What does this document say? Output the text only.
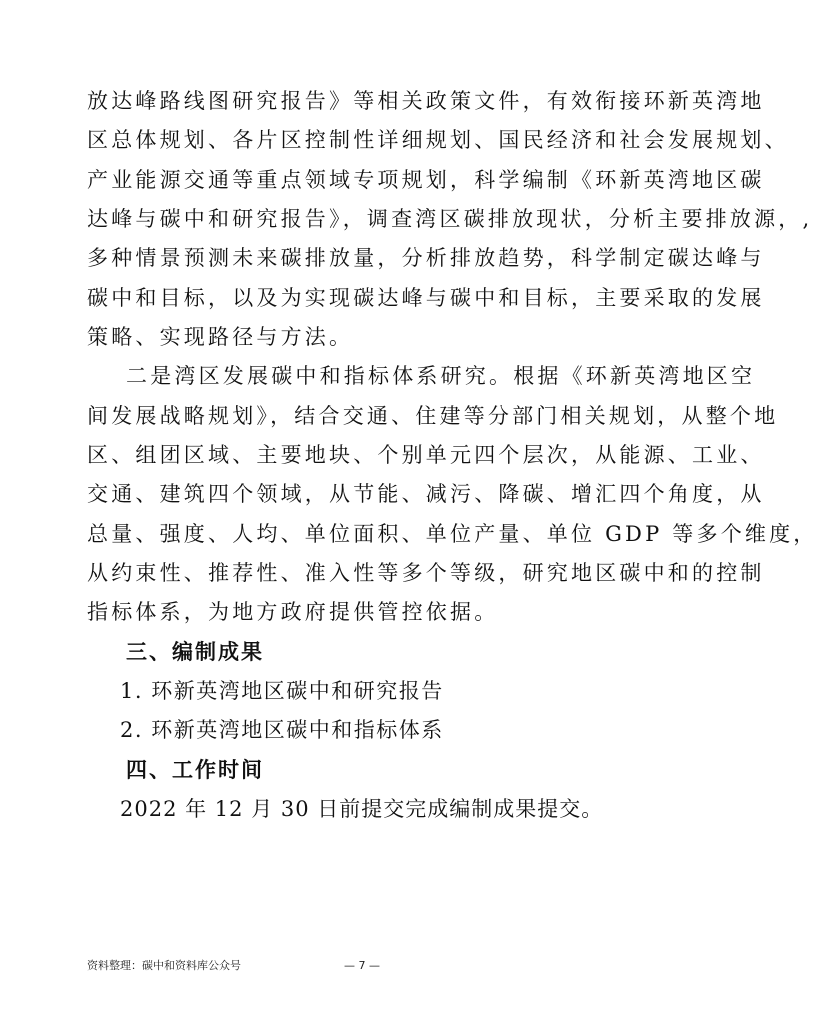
放达峰路线图研究报告》等相关政策文件，有效衔接环新英湾地
区总体规划、各片区控制性详细规划、国民经济和社会发展规划、
产业能源交通等重点领域专项规划，科学编制《环新英湾地区碳
达峰与碳中和研究报告》，调查湾区碳排放现状，分析主要排放源，,
多种情景预测未来碳排放量，分析排放趋势，科学制定碳达峰与
碳中和目标，以及为实现碳达峰与碳中和目标，主要采取的发展
策略、实现路径与方法。
二是湾区发展碳中和指标体系研究。根据《环新英湾地区空
间发展战略规划》，结合交通、住建等分部门相关规划，从整个地
区、组团区域、主要地块、个别单元四个层次，从能源、工业、
交通、建筑四个领域，从节能、减污、降碳、增汇四个角度，从
总量、强度、人均、单位面积、单位产量、单位 GDP 等多个维度，
从约束性、推荐性、准入性等多个等级，研究地区碳中和的控制
指标体系，为地方政府提供管控依据。
三、编制成果
1. 环新英湾地区碳中和研究报告
2. 环新英湾地区碳中和指标体系
四、工作时间
2022 年 12 月 30 日前提交完成编制成果提交。
资料整理：碳中和资料库公众号	— 7 —
